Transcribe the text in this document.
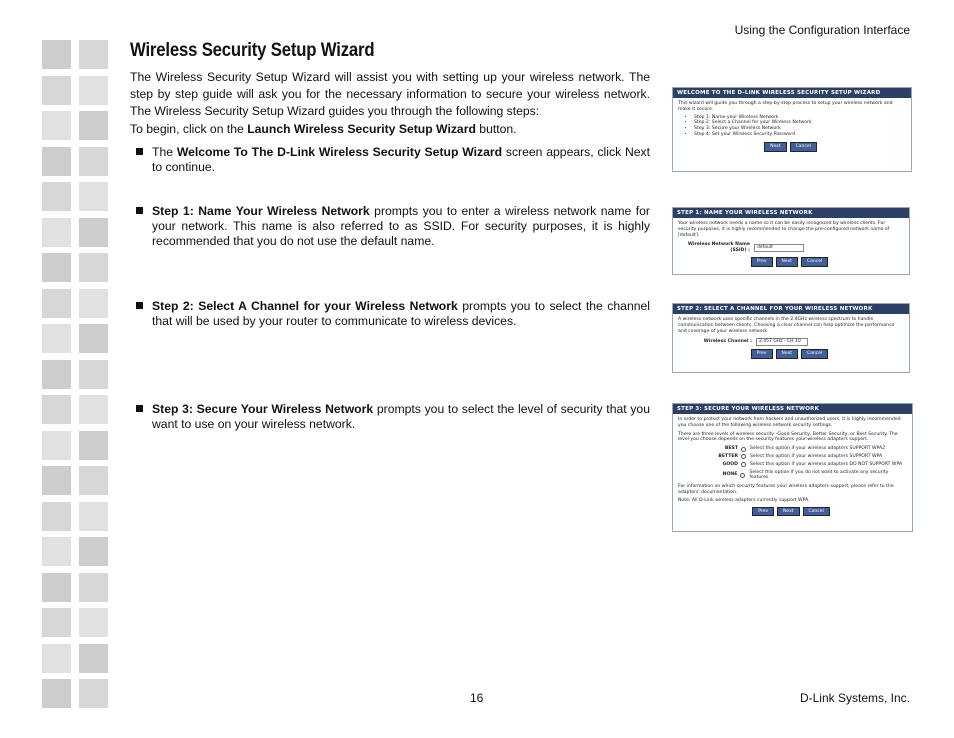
Using the Configuration Interface
Wireless Security Setup Wizard
The Wireless Security Setup Wizard will assist you with setting up your wireless network. The step by step guide will ask you for the necessary information to secure your wireless network. The Wireless Security Setup Wizard guides you through the following steps:
To begin, click on the Launch Wireless Security Setup Wizard button.
The Welcome To The D-Link Wireless Security Setup Wizard screen appears, click Next to continue.
Step 1: Name Your Wireless Network prompts you to enter a wireless network name for your network. This name is also referred to as SSID. For security purposes, it is highly recommended that you do not use the default name.
Step 2: Select A Channel for your Wireless Network prompts you to select the channel that will be used by your router to communicate to wireless devices.
Step 3: Secure Your Wireless Network prompts you to select the level of security that you want to use on your wireless network.
WELCOME TO THE D-LINK WIRELESS SECURITY SETUP WIZARD
This wizard will guide you through a step-by-step process to setup your wireless network and make it secure.
• Step 1: Name your Wireless Network
• Step 2: Select a Channel for your Wireless Network
• Step 3: Secure your Wireless Network
• Step 4: Set your Wireless Security Password
Next	Cancel
STEP 1: NAME YOUR WIRELESS NETWORK
Your wireless network needs a name so it can be easily recognized by wireless clients. For security purposes, it is highly recommended to change the pre-configured network name of [default].
Wireless Network Name (SSID) :
default
Prev	Next	Cancel
STEP 2: SELECT A CHANNEL FOR YOUR WIRELESS NETWORK
A wireless network uses specific channels in the 2.4GHz wireless spectrum to handle communication between clients. Choosing a clear channel can help optimize the performance and coverage of your wireless network.
Wireless Channel :	2.457 GHz - CH 10
Prev	Next	Cancel
STEP 3: SECURE YOUR WIRELESS NETWORK
In order to protect your network from hackers and unauthorized users, it is highly recommended you choose one of the following wireless network security settings.
There are three levels of wireless security -Good Security, Better Security, or Best Security. The level you choose depends on the security features your wireless adapters support.
BEST	Select this option if your wireless adapters SUPPORT WPA2
BETTER	Select this option if your wireless adapters SUPPORT WPA
GOOD	Select this option if your wireless adapters DO NOT SUPPORT WPA
NONE
Select this option if you do not want to activate any security features
For information on which security features your wireless adapters support, please refer to the adapters' documentation.
Note: All D-Link wireless adapters currently support WPA.
Prev	Next	Cancel
16	D-Link Systems, Inc.
